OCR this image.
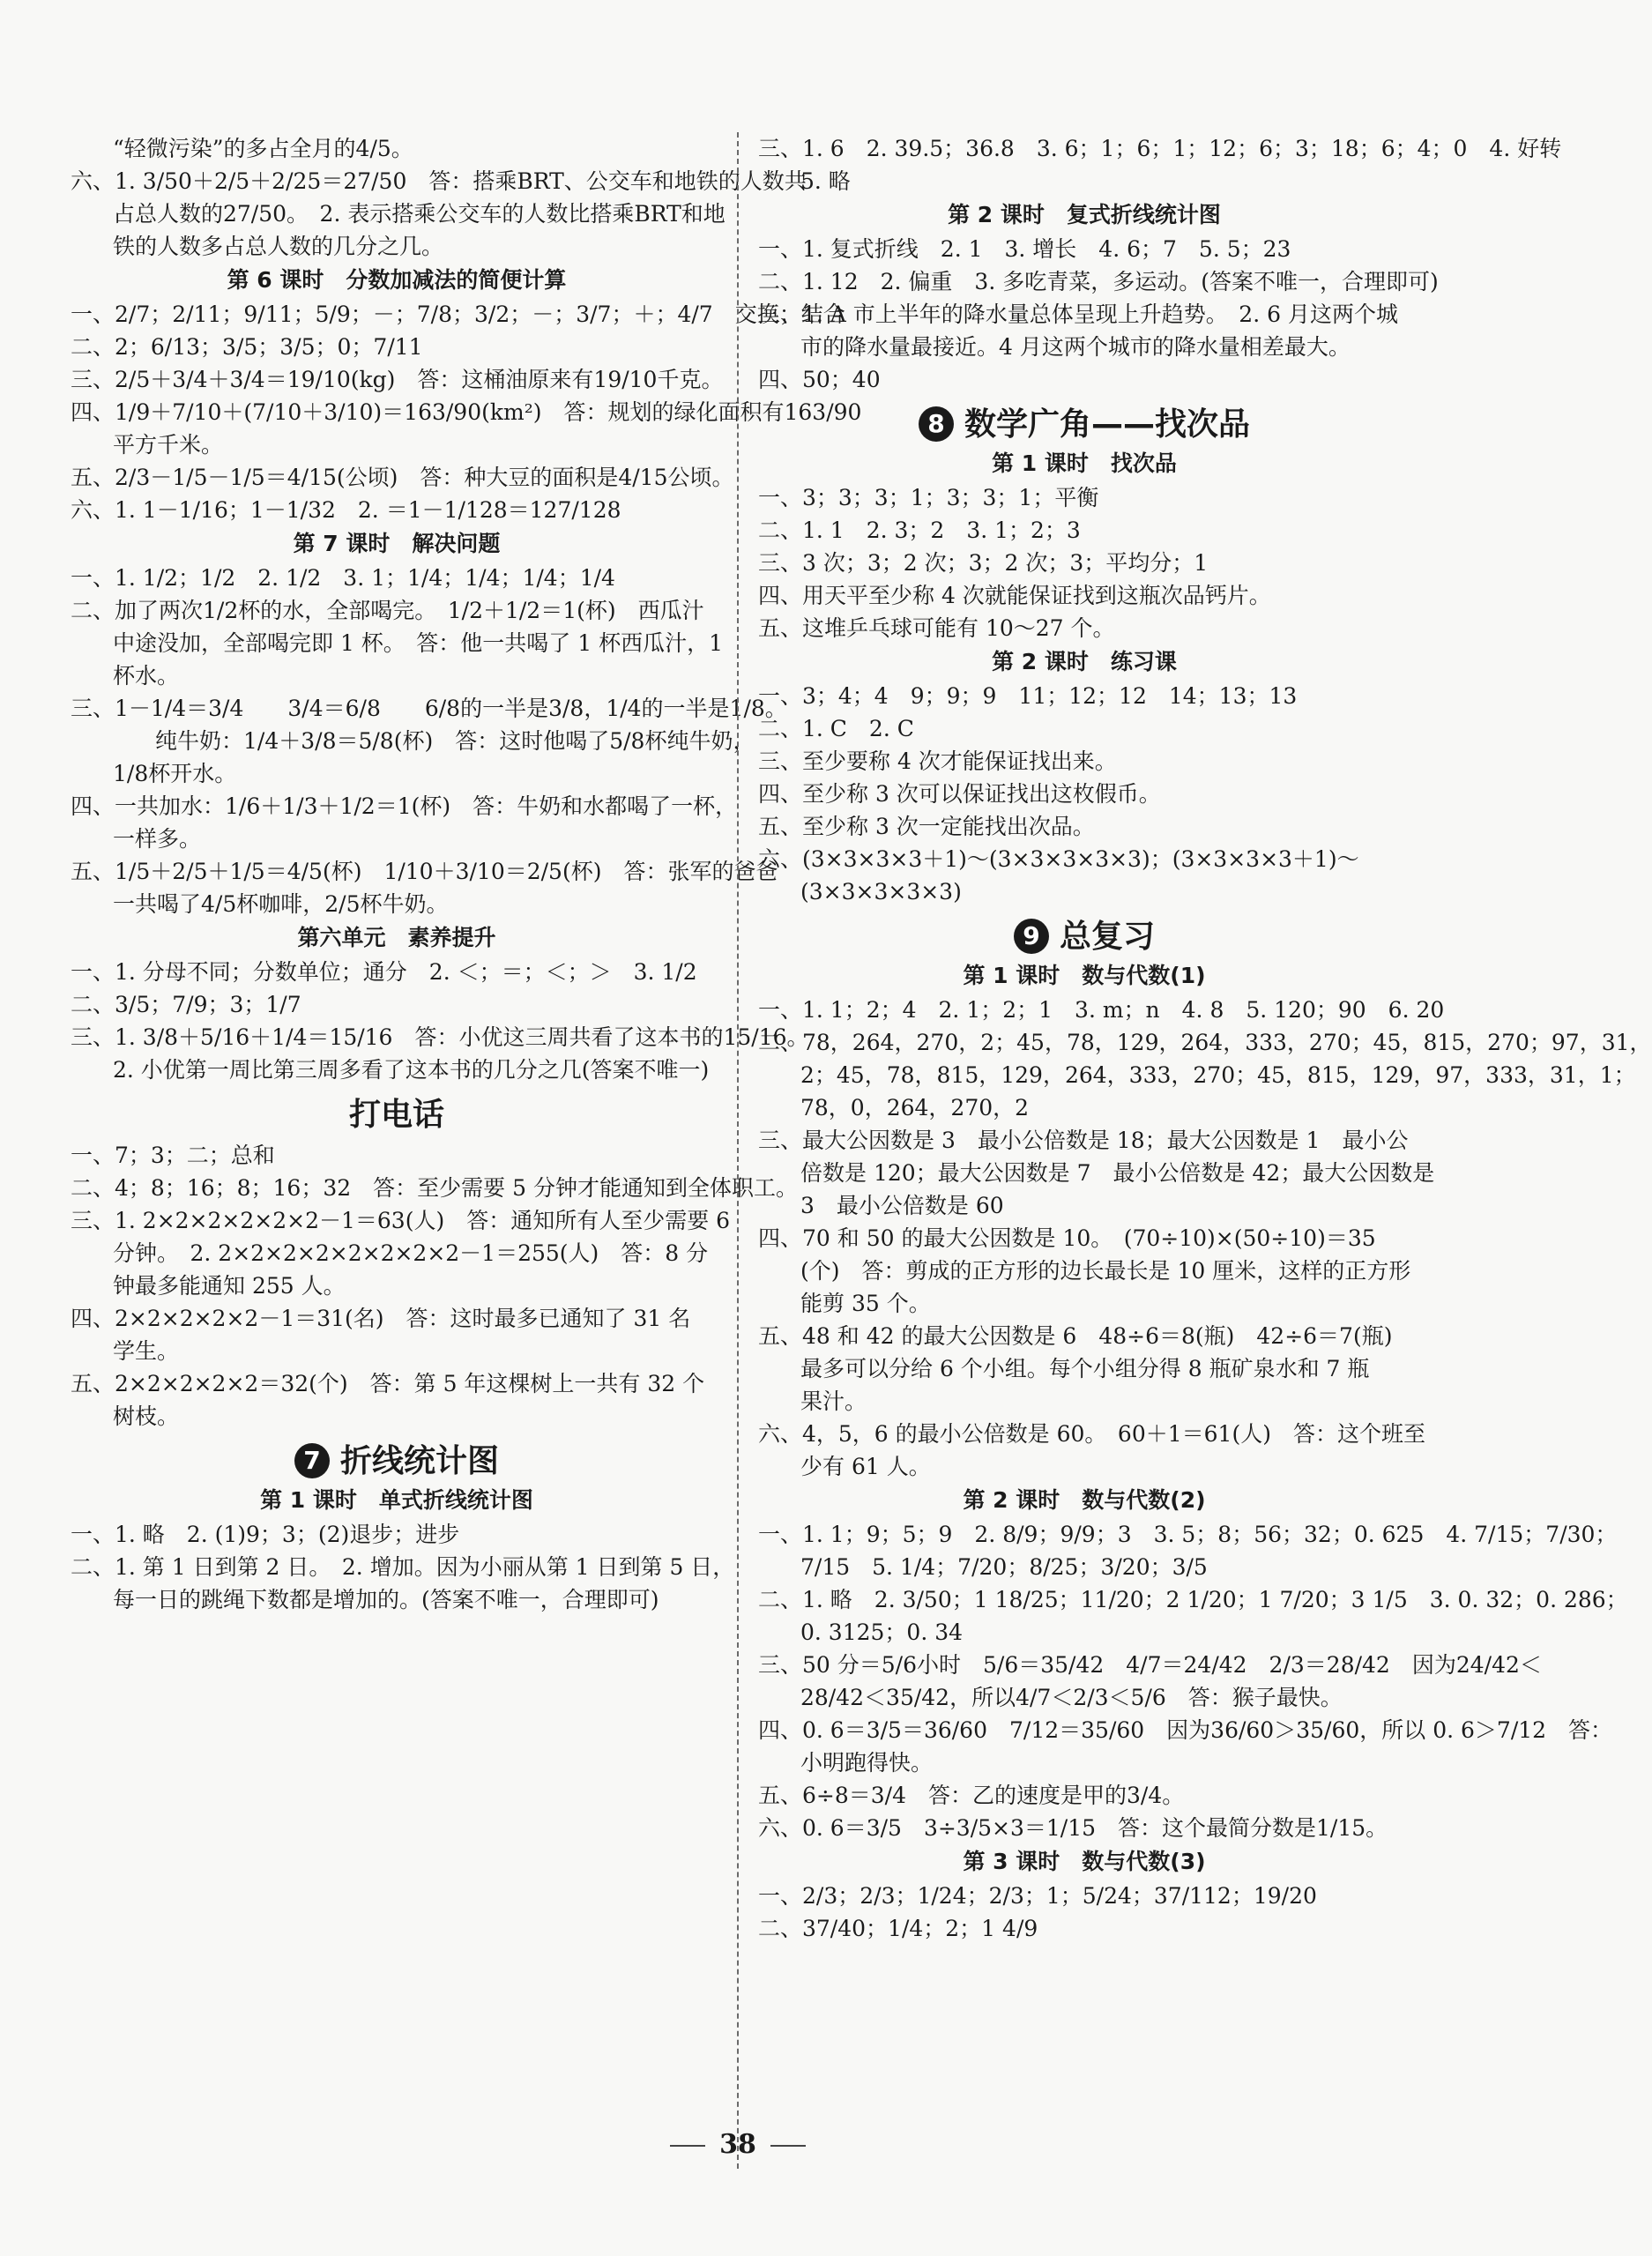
“轻微污染”的多占全月的4/5。

六、1. 3/50＋2/5＋2/25＝27/50　答：搭乘BRT、公交车和地铁的人数共

占总人数的27/50。　2. 表示搭乘公交车的人数比搭乘BRT和地

铁的人数多占总人数的几分之几。

第 6 课时　分数加减法的简便计算

一、2/7；2/11；9/11；5/9；－；7/8；3/2；－；3/7；＋；4/7　交换；结合

二、2；6/13；3/5；3/5；0；7/11

三、2/5＋3/4＋3/4＝19/10(kg)　答：这桶油原来有19/10千克。

四、1/9＋7/10＋(7/10＋3/10)＝163/90(km²)　答：规划的绿化面积有163/90

平方千米。

五、2/3－1/5－1/5＝4/15(公顷)　答：种大豆的面积是4/15公顷。

六、1. 1－1/16；1－1/32　2. ＝1－1/128＝127/128

第 7 课时　解决问题

一、1. 1/2；1/2　2. 1/2　3. 1；1/4；1/4；1/4；1/4

二、加了两次1/2杯的水，全部喝完。　1/2＋1/2＝1(杯)　西瓜汁

中途没加，全部喝完即 1 杯。　答：他一共喝了 1 杯西瓜汁，1

杯水。

三、1－1/4＝3/4　　3/4＝6/8　　6/8的一半是3/8，1/4的一半是1/8。

纯牛奶：1/4＋3/8＝5/8(杯)　答：这时他喝了5/8杯纯牛奶，

1/8杯开水。

四、一共加水：1/6＋1/3＋1/2＝1(杯)　答：牛奶和水都喝了一杯，

一样多。

五、1/5＋2/5＋1/5＝4/5(杯)　1/10＋3/10＝2/5(杯)　答：张军的爸爸

一共喝了4/5杯咖啡，2/5杯牛奶。

第六单元　素养提升

一、1. 分母不同；分数单位；通分　2. ＜；＝；＜；＞　3. 1/2

二、3/5；7/9；3；1/7

三、1. 3/8＋5/16＋1/4＝15/16　答：小优这三周共看了这本书的15/16。

2. 小优第一周比第三周多看了这本书的几分之几(答案不唯一)

打电话

一、7；3；二；总和

二、4；8；16；8；16；32　答：至少需要 5 分钟才能通知到全体职工。

三、1. 2×2×2×2×2×2－1＝63(人)　答：通知所有人至少需要 6

分钟。　2. 2×2×2×2×2×2×2×2－1＝255(人)　答：8 分

钟最多能通知 255 人。

四、2×2×2×2×2－1＝31(名)　答：这时最多已通知了 31 名

学生。

五、2×2×2×2×2＝32(个)　答：第 5 年这棵树上一共有 32 个

树枝。

7 折线统计图
第 1 课时　单式折线统计图

一、1. 略　2. (1)9；3；(2)退步；进步

二、1. 第 1 日到第 2 日。　2. 增加。因为小丽从第 1 日到第 5 日，

每一日的跳绳下数都是增加的。(答案不唯一，合理即可)

三、1. 6　2. 39.5；36.8　3. 6；1；6；1；12；6；3；18；6；4；0　4. 好转

5. 略

第 2 课时　复式折线统计图

一、1. 复式折线　2. 1　3. 增长　4. 6；7　5. 5；23

二、1. 12　2. 偏重　3. 多吃青菜，多运动。(答案不唯一，合理即可)

三、1. A 市上半年的降水量总体呈现上升趋势。　2. 6 月这两个城

市的降水量最接近。4 月这两个城市的降水量相差最大。

四、50；40

8 数学广角——找次品
第 1 课时　找次品

一、3；3；3；1；3；3；1；平衡

二、1. 1　2. 3；2　3. 1；2；3

三、3 次；3；2 次；3；2 次；3；平均分；1

四、用天平至少称 4 次就能保证找到这瓶次品钙片。

五、这堆乒乓球可能有 10～27 个。

第 2 课时　练习课

一、3；4；4　9；9；9　11；12；12　14；13；13

二、1. C　2. C

三、至少要称 4 次才能保证找出来。

四、至少称 3 次可以保证找出这枚假币。

五、至少称 3 次一定能找出次品。

六、(3×3×3×3＋1)～(3×3×3×3×3)；(3×3×3×3＋1)～

(3×3×3×3×3)

9 总复习
第 1 课时　数与代数(1)

一、1. 1；2；4　2. 1；2；1　3. m；n　4. 8　5. 120；90　6. 20

二、78，264，270，2；45，78，129，264，333，270；45，815，270；97，31，

2；45，78，815，129，264，333，270；45，815，129，97，333，31，1；

78，0，264，270，2

三、最大公因数是 3　最小公倍数是 18；最大公因数是 1　最小公

倍数是 120；最大公因数是 7　最小公倍数是 42；最大公因数是

3　最小公倍数是 60

四、70 和 50 的最大公因数是 10。　(70÷10)×(50÷10)＝35

(个)　答：剪成的正方形的边长最长是 10 厘米，这样的正方形

能剪 35 个。

五、48 和 42 的最大公因数是 6　48÷6＝8(瓶)　42÷6＝7(瓶)

最多可以分给 6 个小组。每个小组分得 8 瓶矿泉水和 7 瓶

果汁。

六、4，5，6 的最小公倍数是 60。　60＋1＝61(人)　答：这个班至

少有 61 人。

第 2 课时　数与代数(2)

一、1. 1；9；5；9　2. 8/9；9/9；3　3. 5；8；56；32；0. 625　4. 7/15；7/30；

7/15　5. 1/4；7/20；8/25；3/20；3/5

二、1. 略　2. 3/50；1 18/25；11/20；2 1/20；1 7/20；3 1/5　3. 0. 32；0. 286；

0. 3125；0. 34

三、50 分＝5/6小时　5/6＝35/42　4/7＝24/42　2/3＝28/42　因为24/42＜

28/42＜35/42，所以4/7＜2/3＜5/6　答：猴子最快。

四、0. 6＝3/5＝36/60　7/12＝35/60　因为36/60＞35/60，所以 0. 6＞7/12　答：

小明跑得快。

五、6÷8＝3/4　答：乙的速度是甲的3/4。

六、0. 6＝3/5　3÷3/5×3＝1/15　答：这个最简分数是1/15。

第 3 课时　数与代数(3)

一、2/3；2/3；1/24；2/3；1；5/24；37/112；19/20

二、37/40；1/4；2；1 4/9

38
